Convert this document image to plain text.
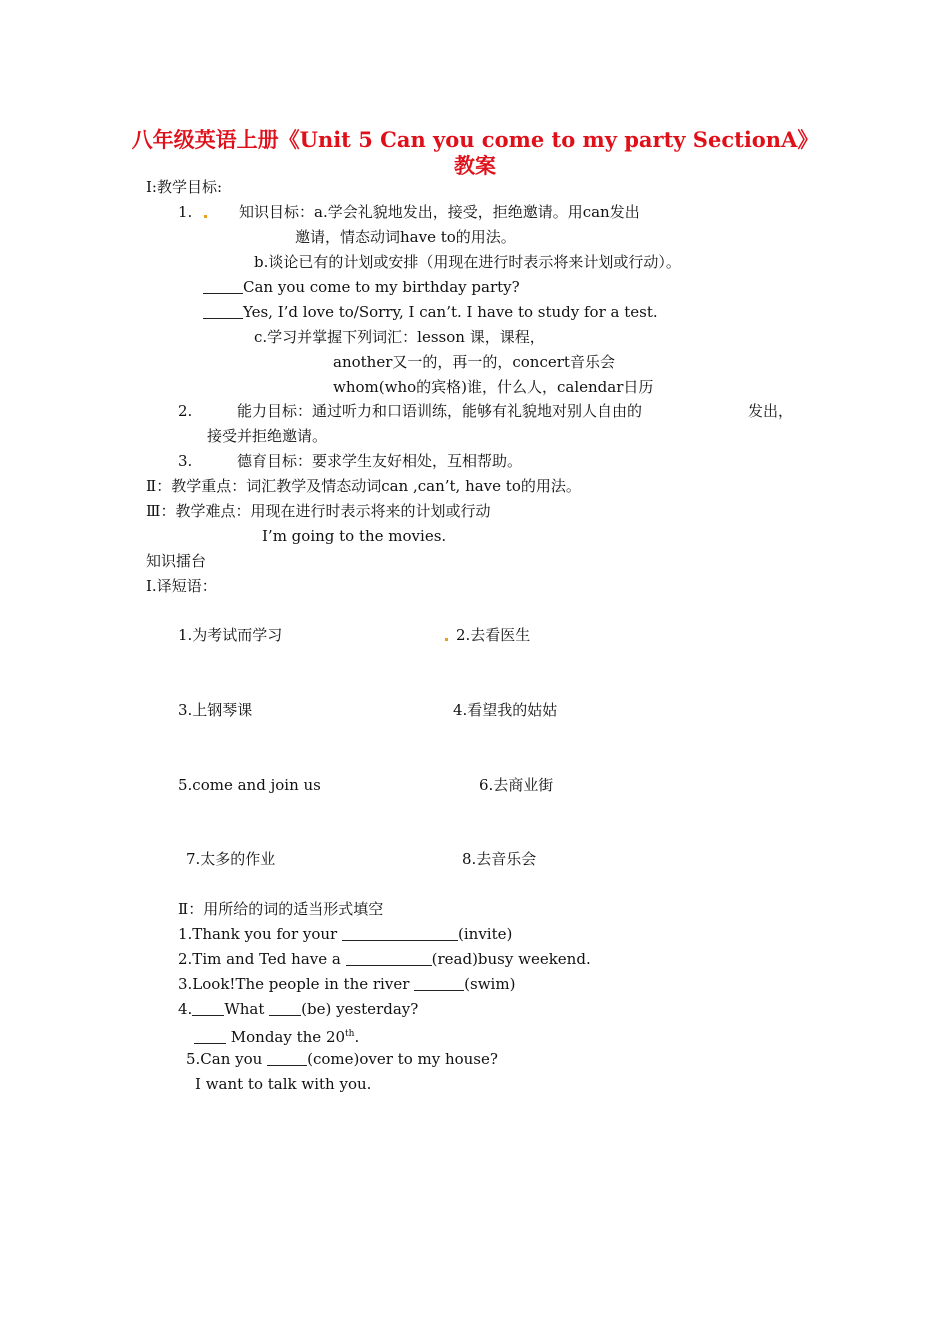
八年级英语上册《Unit 5 Can you come to my party SectionA》
教案
Ⅰ:教学目标:
1.	知识目标：a.学会礼貌地发出，接受，拒绝邀请。用can发出
邀请，情态动词have to的用法。
b.谈论已有的计划或安排（用现在进行时表示将来计划或行动）。
Can you come to my birthday party?
Yes, I’d love to/Sorry, I can’t. I have to study for a test.
c.学习并掌握下列词汇：lesson 课，课程，
another又一的，再一的，concert音乐会
whom(who的宾格)谁，什么人，calendar日历
2.	能力目标：通过听力和口语训练，能够有礼貌地对别人自由的	发出，
接受并拒绝邀请。
3.	德育目标：要求学生友好相处，互相帮助。
Ⅱ：教学重点：词汇教学及情态动词can ,can’t, have to的用法。
Ⅲ：教学难点：用现在进行时表示将来的计划或行动
I’m going to the movies.
知识擂台
Ⅰ.译短语：
1.为考试而学习	2.去看医生
3.上钢琴课	4.看望我的姑姑
5.come and join us	6.去商业街
7.太多的作业	8.去音乐会
Ⅱ：用所给的词的适当形式填空
1.Thank you for your	(invite)
2.Tim and Ted have a	(read)busy weekend.
3.Look!The people in the river	(swim)
4. What (be) yesterday?
Monday the 20th.
5.Can you	(come)over to my house?
I want to talk with you.
